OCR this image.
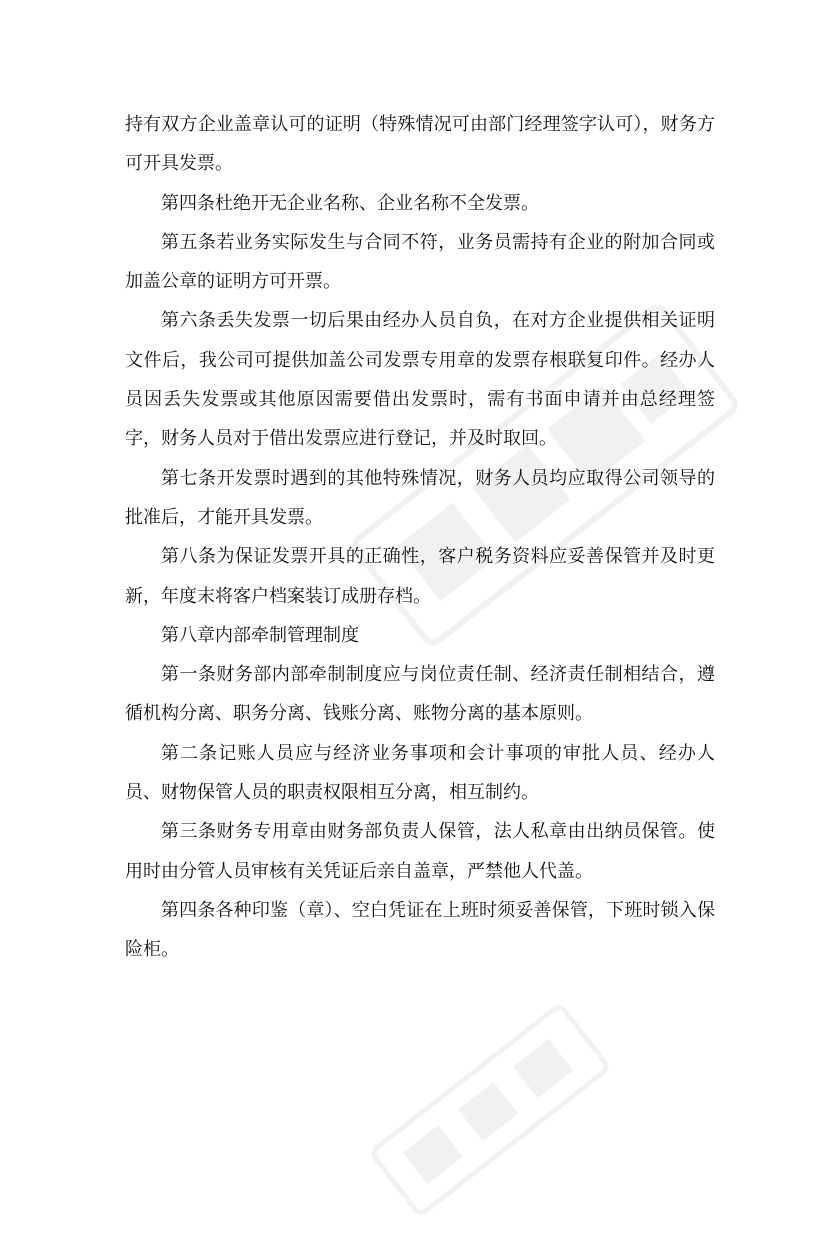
持有双方企业盖章认可的证明（特殊情况可由部门经理签字认可），财务方可开具发票。

第四条杜绝开无企业名称、企业名称不全发票。

第五条若业务实际发生与合同不符，业务员需持有企业的附加合同或加盖公章的证明方可开票。

第六条丢失发票一切后果由经办人员自负，在对方企业提供相关证明文件后，我公司可提供加盖公司发票专用章的发票存根联复印件。经办人员因丢失发票或其他原因需要借出发票时，需有书面申请并由总经理签字，财务人员对于借出发票应进行登记，并及时取回。

第七条开发票时遇到的其他特殊情况，财务人员均应取得公司领导的批准后，才能开具发票。

第八条为保证发票开具的正确性，客户税务资料应妥善保管并及时更新，年度末将客户档案装订成册存档。

第八章内部牵制管理制度

第一条财务部内部牵制制度应与岗位责任制、经济责任制相结合，遵循机构分离、职务分离、钱账分离、账物分离的基本原则。

第二条记账人员应与经济业务事项和会计事项的审批人员、经办人员、财物保管人员的职责权限相互分离，相互制约。

第三条财务专用章由财务部负责人保管，法人私章由出纳员保管。使用时由分管人员审核有关凭证后亲自盖章，严禁他人代盖。

第四条各种印鉴（章）、空白凭证在上班时须妥善保管，下班时锁入保险柜。
